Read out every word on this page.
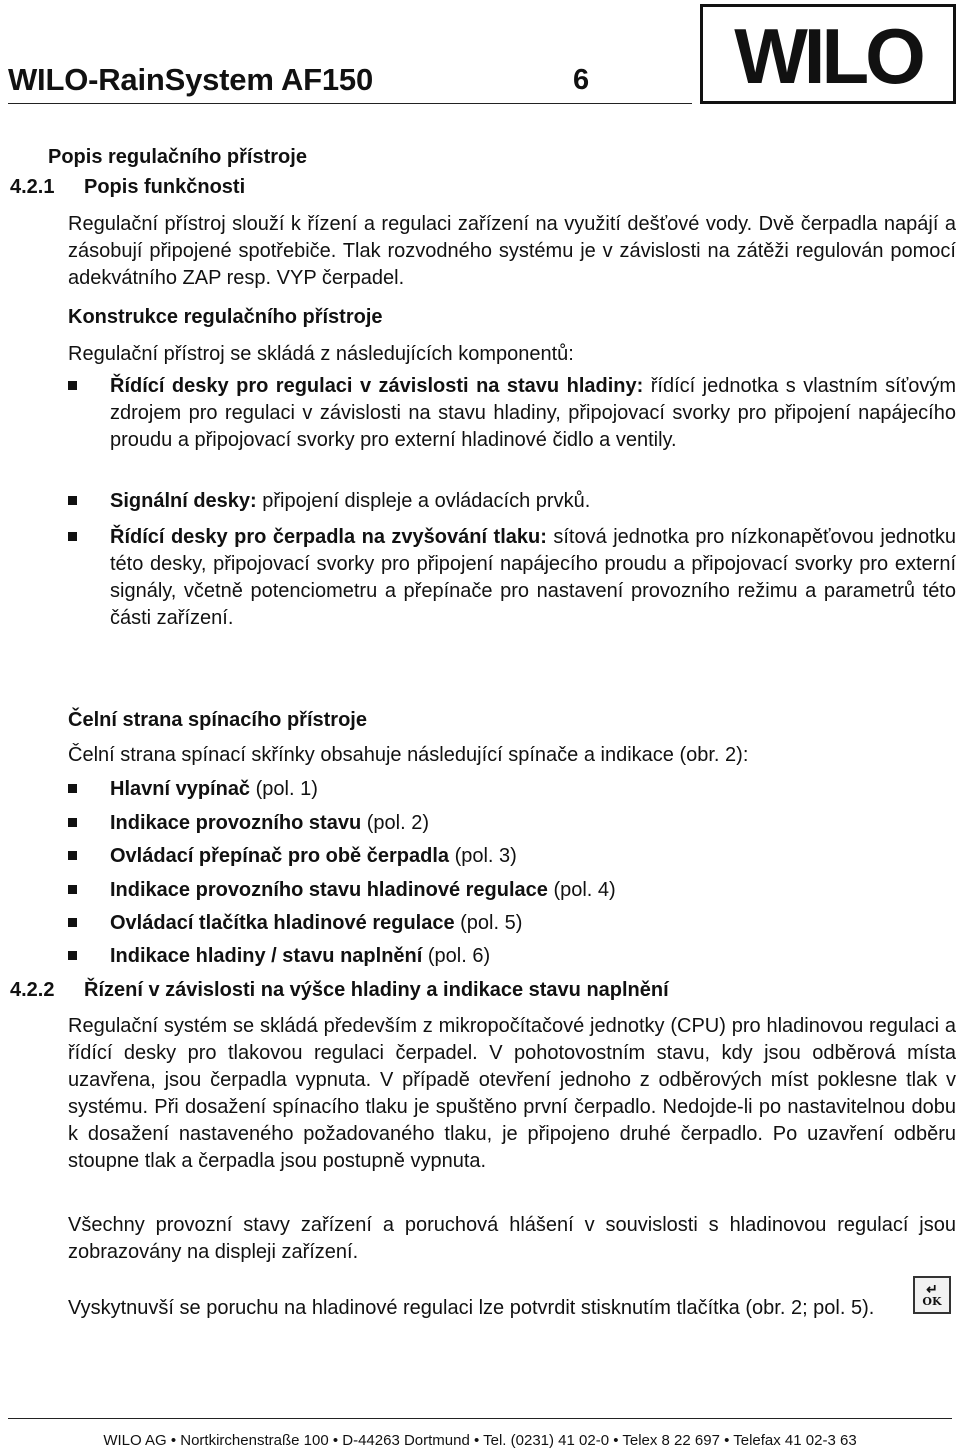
WILO-RainSystem AF150	6 WILO
Popis regulačního přístroje
4.2.1 Popis funkčnosti
Regulační přístroj slouží k řízení a regulaci zařízení na využití dešťové vody. Dvě čerpadla napájí a zásobují připojené spotřebiče. Tlak rozvodného systému je v závislosti na zátěži regulován pomocí adekvátního ZAP resp. VYP čerpadel.
Konstrukce regulačního přístroje
Regulační přístroj se skládá z následujících komponentů:
Řídící desky pro regulaci v závislosti na stavu hladiny: řídící jednotka s vlastním síťovým zdrojem pro regulaci v závislosti na stavu hladiny, připojovací svorky pro připojení napájecího proudu a připojovací svorky pro externí hladinové čidlo a ventily.
Signální desky: připojení displeje a ovládacích prvků.
Řídící desky pro čerpadla na zvyšování tlaku: sítová jednotka pro nízkonapěťovou jednotku této desky, připojovací svorky pro připojení napájecího proudu a připojovací svorky pro externí signály, včetně potenciometru a přepínače pro nastavení provozního režimu a parametrů této části zařízení.
Čelní strana spínacího přístroje
Čelní strana spínací skřínky obsahuje následující spínače a indikace (obr. 2):
Hlavní vypínač (pol. 1)
Indikace provozního stavu (pol. 2)
Ovládací přepínač pro obě čerpadla (pol. 3)
Indikace provozního stavu hladinové regulace (pol. 4)
Ovládací tlačítka hladinové regulace (pol. 5)
Indikace hladiny / stavu naplnění (pol. 6)
4.2.2 Řízení v závislosti na výšce hladiny a indikace stavu naplnění
Regulační systém se skládá především z mikropočítačové jednotky (CPU) pro hladinovou regulaci a řídící desky pro tlakovou regulaci čerpadel. V pohotovostním stavu, kdy jsou odběrová místa uzavřena, jsou čerpadla vypnuta. V případě otevření jednoho z odběrových míst poklesne tlak v systému. Při dosažení spínacího tlaku je spuštěno první čerpadlo. Nedojde-li po nastavitelnou dobu k dosažení nastaveného požadovaného tlaku, je připojeno druhé čerpadlo. Po uzavření odběru stoupne tlak a čerpadla jsou postupně vypnuta.
Všechny provozní stavy zařízení a poruchová hlášení v souvislosti s hladinovou regulací jsou zobrazovány na displeji zařízení.
Vyskytnuvší se poruchu na hladinové regulaci lze potvrdit stisknutím tlačítka (obr. 2; pol. 5).
↵
OK
WILO AG • Nortkirchenstraße 100 • D-44263 Dortmund • Tel. (0231) 41 02-0 • Telex 8 22 697 • Telefax 41 02-3 63
